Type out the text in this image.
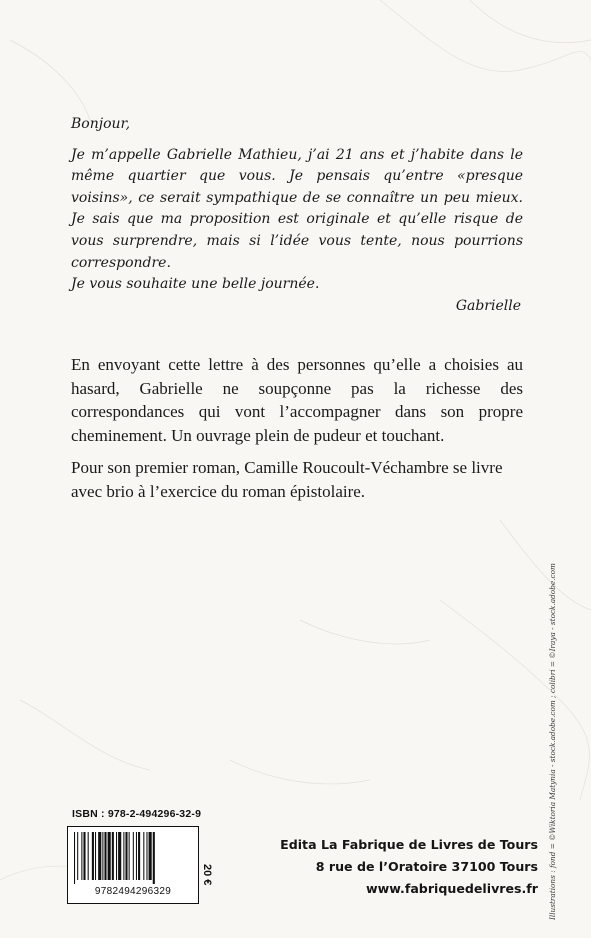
Bonjour,

Je m’appelle Gabrielle Mathieu, j’ai 21 ans et j’habite dans le même quartier que vous. Je pensais qu’entre «presque voisins», ce serait sympathique de se connaître un peu mieux. Je sais que ma proposition est originale et qu’elle risque de vous surprendre, mais si l’idée vous tente, nous pourrions correspondre.

Je vous souhaite une belle journée.

Gabrielle

En envoyant cette lettre à des personnes qu’elle a choisies au hasard, Gabrielle ne soupçonne pas la richesse des correspondances qui vont l’accompagner dans son propre cheminement. Un ouvrage plein de pudeur et touchant.

Pour son premier roman, Camille Roucoult-Véchambre se livre avec brio à l’exercice du roman épistolaire.

Illustrations : fond = ©Wiktoria Matynia - stock.adobe.com ; colibri = ©Iraya - stock.adobe.com
ISBN : 978-2-494296-32-9
9782494296329
20 €
Edita La Fabrique de Livres de Tours
8 rue de l’Oratoire 37100 Tours
www.fabriquedelivres.fr
